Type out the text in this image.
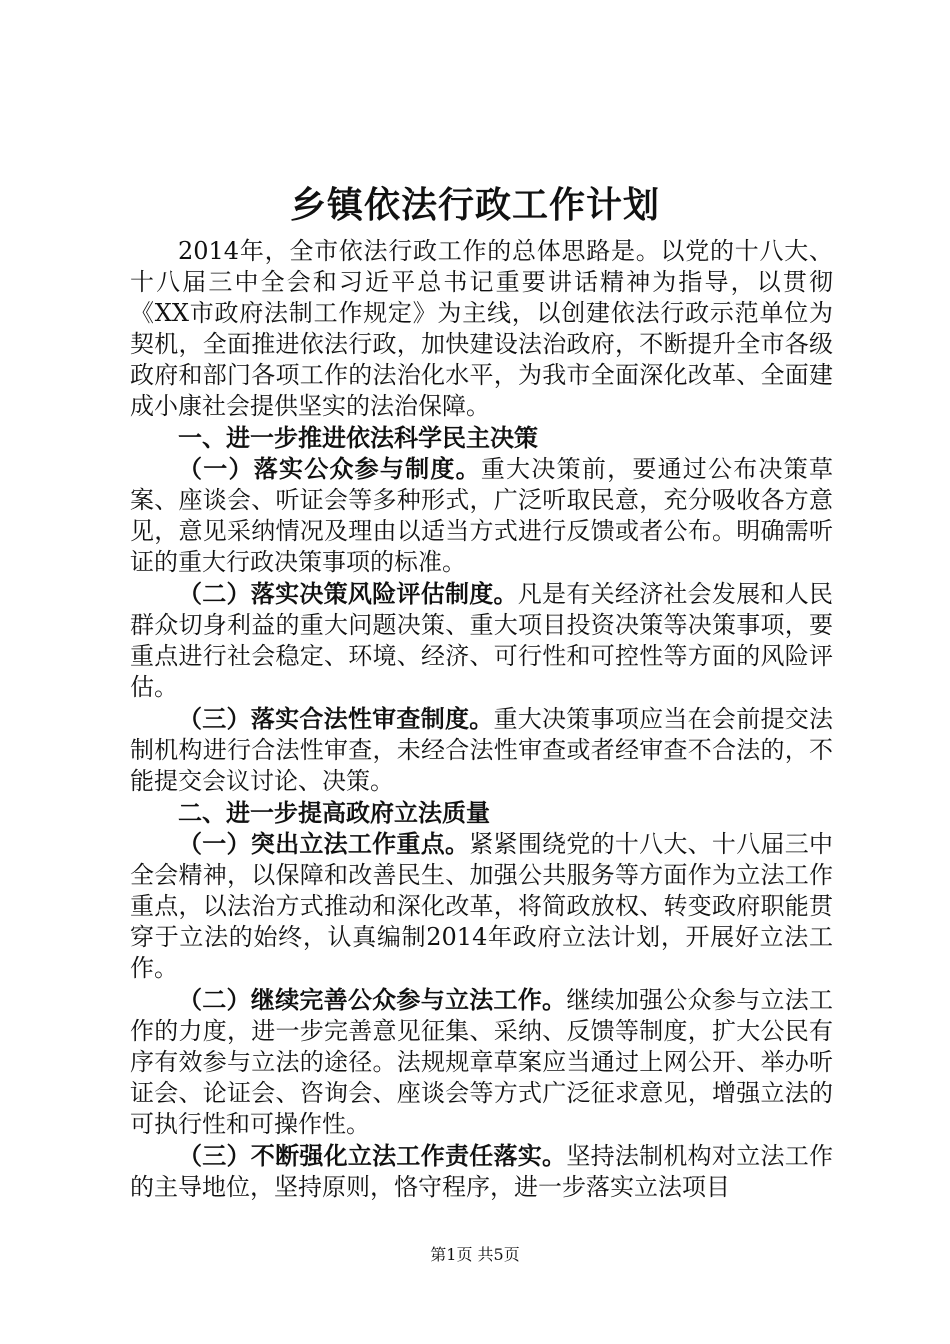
乡镇依法行政工作计划

2014年，全市依法行政工作的总体思路是。以党的十八大、十八届三中全会和习近平总书记重要讲话精神为指导，以贯彻《XX市政府法制工作规定》为主线，以创建依法行政示范单位为契机，全面推进依法行政，加快建设法治政府，不断提升全市各级政府和部门各项工作的法治化水平，为我市全面深化改革、全面建成小康社会提供坚实的法治保障。

一、进一步推进依法科学民主决策

（一）落实公众参与制度。重大决策前，要通过公布决策草案、座谈会、听证会等多种形式，广泛听取民意，充分吸收各方意见，意见采纳情况及理由以适当方式进行反馈或者公布。明确需听证的重大行政决策事项的标准。

（二）落实决策风险评估制度。凡是有关经济社会发展和人民群众切身利益的重大问题决策、重大项目投资决策等决策事项，要重点进行社会稳定、环境、经济、可行性和可控性等方面的风险评估。

（三）落实合法性审查制度。重大决策事项应当在会前提交法制机构进行合法性审查，未经合法性审查或者经审查不合法的，不能提交会议讨论、决策。

二、进一步提高政府立法质量

（一）突出立法工作重点。紧紧围绕党的十八大、十八届三中全会精神，以保障和改善民生、加强公共服务等方面作为立法工作重点，以法治方式推动和深化改革，将简政放权、转变政府职能贯穿于立法的始终，认真编制2014年政府立法计划，开展好立法工作。

（二）继续完善公众参与立法工作。继续加强公众参与立法工作的力度，进一步完善意见征集、采纳、反馈等制度，扩大公民有序有效参与立法的途径。法规规章草案应当通过上网公开、举办听证会、论证会、咨询会、座谈会等方式广泛征求意见，增强立法的可执行性和可操作性。

（三）不断强化立法工作责任落实。坚持法制机构对立法工作的主导地位，坚持原则，恪守程序，进一步落实立法项目

第1页 共5页
